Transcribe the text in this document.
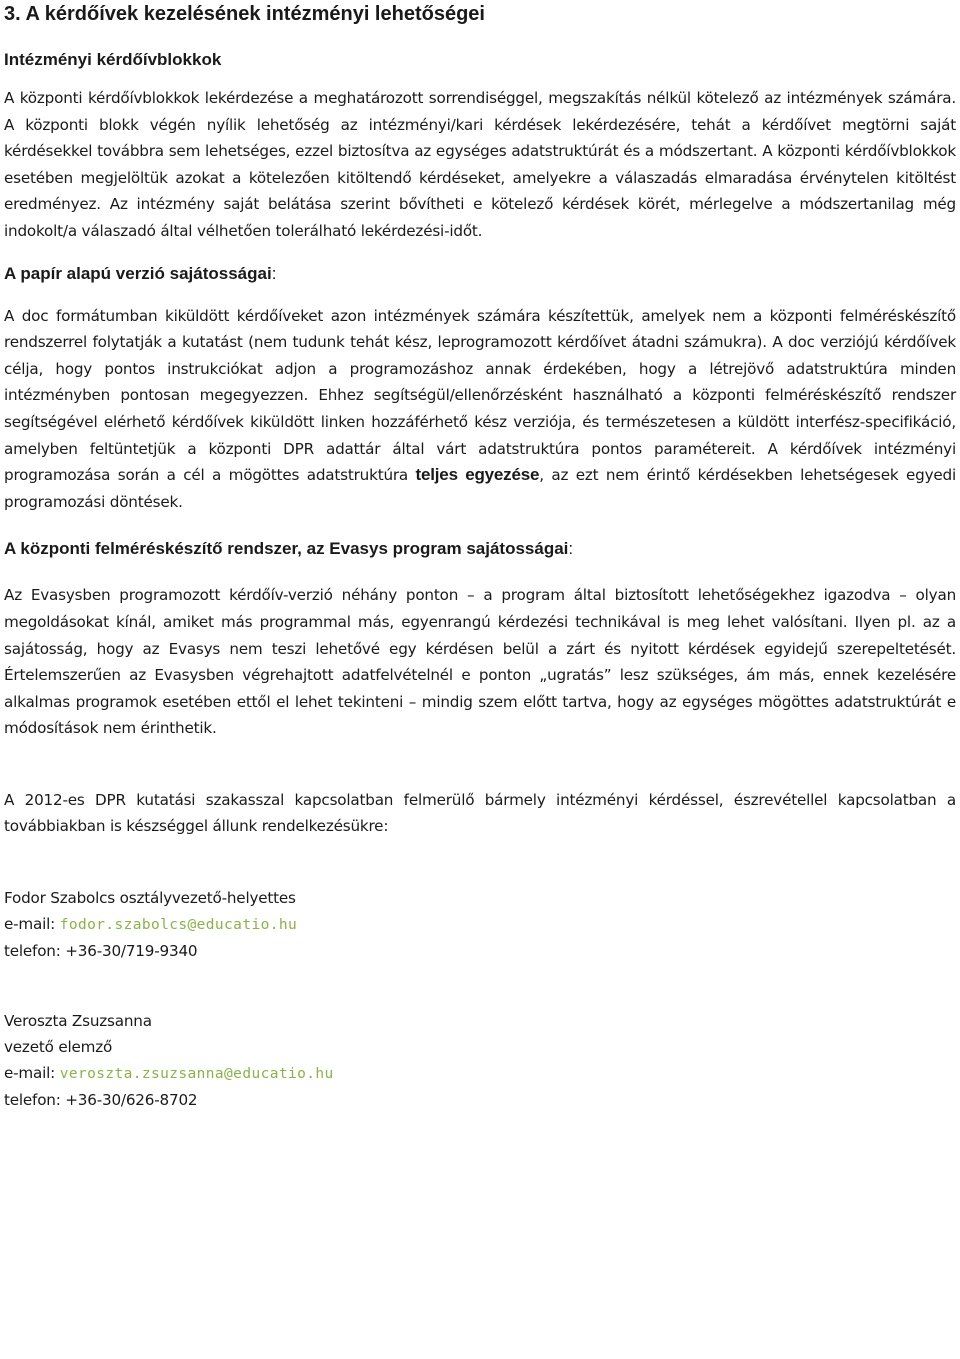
3. A kérdőívek kezelésének intézményi lehetőségei
Intézményi kérdőívblokkok

A központi kérdőívblokkok lekérdezése a meghatározott sorrendiséggel, megszakítás nélkül kötelező az intézmények számára. A központi blokk végén nyílik lehetőség az intézményi/kari kérdések lekérdezésére, tehát a kérdőívet megtörni saját kérdésekkel továbbra sem lehetséges, ezzel biztosítva az egységes adatstruktúrát és a módszertant. A központi kérdőívblokkok esetében megjelöltük azokat a kötelezően kitöltendő kérdéseket, amelyekre a válaszadás elmaradása érvénytelen kitöltést eredményez. Az intézmény saját belátása szerint bővítheti e kötelező kérdések körét, mérlegelve a módszertanilag még indokolt/a válaszadó által vélhetően tolerálható lekérdezési-időt.

A papír alapú verzió sajátosságai:

A doc formátumban kiküldött kérdőíveket azon intézmények számára készítettük, amelyek nem a központi felméréskészítő rendszerrel folytatják a kutatást (nem tudunk tehát kész, leprogramozott kérdőívet átadni számukra). A doc verziójú kérdőívek célja, hogy pontos instrukciókat adjon a programozáshoz annak érdekében, hogy a létrejövő adatstruktúra minden intézményben pontosan megegyezzen. Ehhez segítségül/ellenőrzésként használható a központi felméréskészítő rendszer segítségével elérhető kérdőívek kiküldött linken hozzáférhető kész verziója, és természetesen a küldött interfész-specifikáció, amelyben feltüntetjük a központi DPR adattár által várt adatstruktúra pontos paramétereit. A kérdőívek intézményi programozása során a cél a mögöttes adatstruktúra teljes egyezése, az ezt nem érintő kérdésekben lehetségesek egyedi programozási döntések.

A központi felméréskészítő rendszer, az Evasys program sajátosságai:

Az Evasysben programozott kérdőív-verzió néhány ponton – a program által biztosított lehetőségekhez igazodva – olyan megoldásokat kínál, amiket más programmal más, egyenrangú kérdezési technikával is meg lehet valósítani. Ilyen pl. az a sajátosság, hogy az Evasys nem teszi lehetővé egy kérdésen belül a zárt és nyitott kérdések egyidejű szerepeltetését. Értelemszerűen az Evasysben végrehajtott adatfelvételnél e ponton „ugratás” lesz szükséges, ám más, ennek kezelésére alkalmas programok esetében ettől el lehet tekinteni – mindig szem előtt tartva, hogy az egységes mögöttes adatstruktúrát e módosítások nem érinthetik.

A 2012-es DPR kutatási szakasszal kapcsolatban felmerülő bármely intézményi kérdéssel, észrevétellel kapcsolatban a továbbiakban is készséggel állunk rendelkezésükre:

Fodor Szabolcs osztályvezető-helyettes
e-mail: fodor.szabolcs@educatio.hu
telefon: +36-30/719-9340
Veroszta Zsuzsanna
vezető elemző
e-mail: veroszta.zsuzsanna@educatio.hu
telefon: +36-30/626-8702
